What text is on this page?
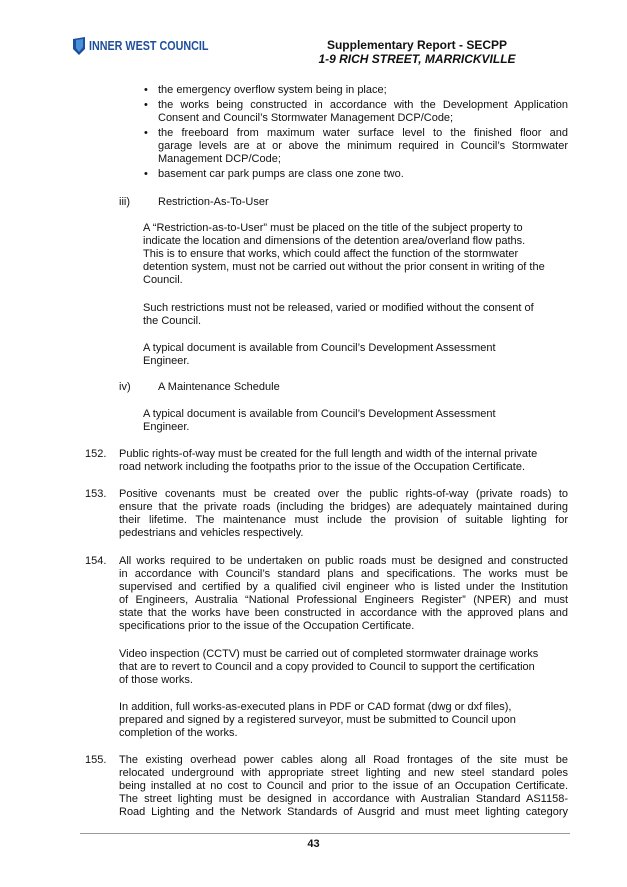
INNER WEST COUNCIL	Supplementary Report - SECPP
1-9 RICH STREET, MARRICKVILLE
• the emergency overflow system being in place;
• the works being constructed in accordance with the Development Application
Consent and Council’s Stormwater Management DCP/Code;
• the freeboard from maximum water surface level to the finished floor and
garage levels are at or above the minimum required in Council’s Stormwater
Management DCP/Code;
• basement car park pumps are class one zone two.
iii)	Restriction-As-To-User
A “Restriction-as-to-User” must be placed on the title of the subject property to
indicate the location and dimensions of the detention area/overland flow paths.
This is to ensure that works, which could affect the function of the stormwater
detention system, must not be carried out without the prior consent in writing of the
Council.
Such restrictions must not be released, varied or modified without the consent of
the Council.
A typical document is available from Council’s Development Assessment
Engineer.
iv) A Maintenance Schedule
A typical document is available from Council’s Development Assessment
Engineer.
152. Public rights-of-way must be created for the full length and width of the internal private
road network including the footpaths prior to the issue of the Occupation Certificate.
153. Positive covenants must be created over the public rights-of-way (private roads) to
ensure that the private roads (including the bridges) are adequately maintained during
their lifetime. The maintenance must include the provision of suitable lighting for
pedestrians and vehicles respectively.
154. All works required to be undertaken on public roads must be designed and constructed
in accordance with Council’s standard plans and specifications. The works must be
supervised and certified by a qualified civil engineer who is listed under the Institution
of Engineers, Australia “National Professional Engineers Register” (NPER) and must
state that the works have been constructed in accordance with the approved plans and
specifications prior to the issue of the Occupation Certificate.
Video inspection (CCTV) must be carried out of completed stormwater drainage works
that are to revert to Council and a copy provided to Council to support the certification
of those works.
In addition, full works-as-executed plans in PDF or CAD format (dwg or dxf files),
prepared and signed by a registered surveyor, must be submitted to Council upon
completion of the works.
155. The existing overhead power cables along all Road frontages of the site must be
relocated underground with appropriate street lighting and new steel standard poles
being installed at no cost to Council and prior to the issue of an Occupation Certificate.
The street lighting must be designed in accordance with Australian Standard AS1158-
Road Lighting and the Network Standards of Ausgrid and must meet lighting category
43
